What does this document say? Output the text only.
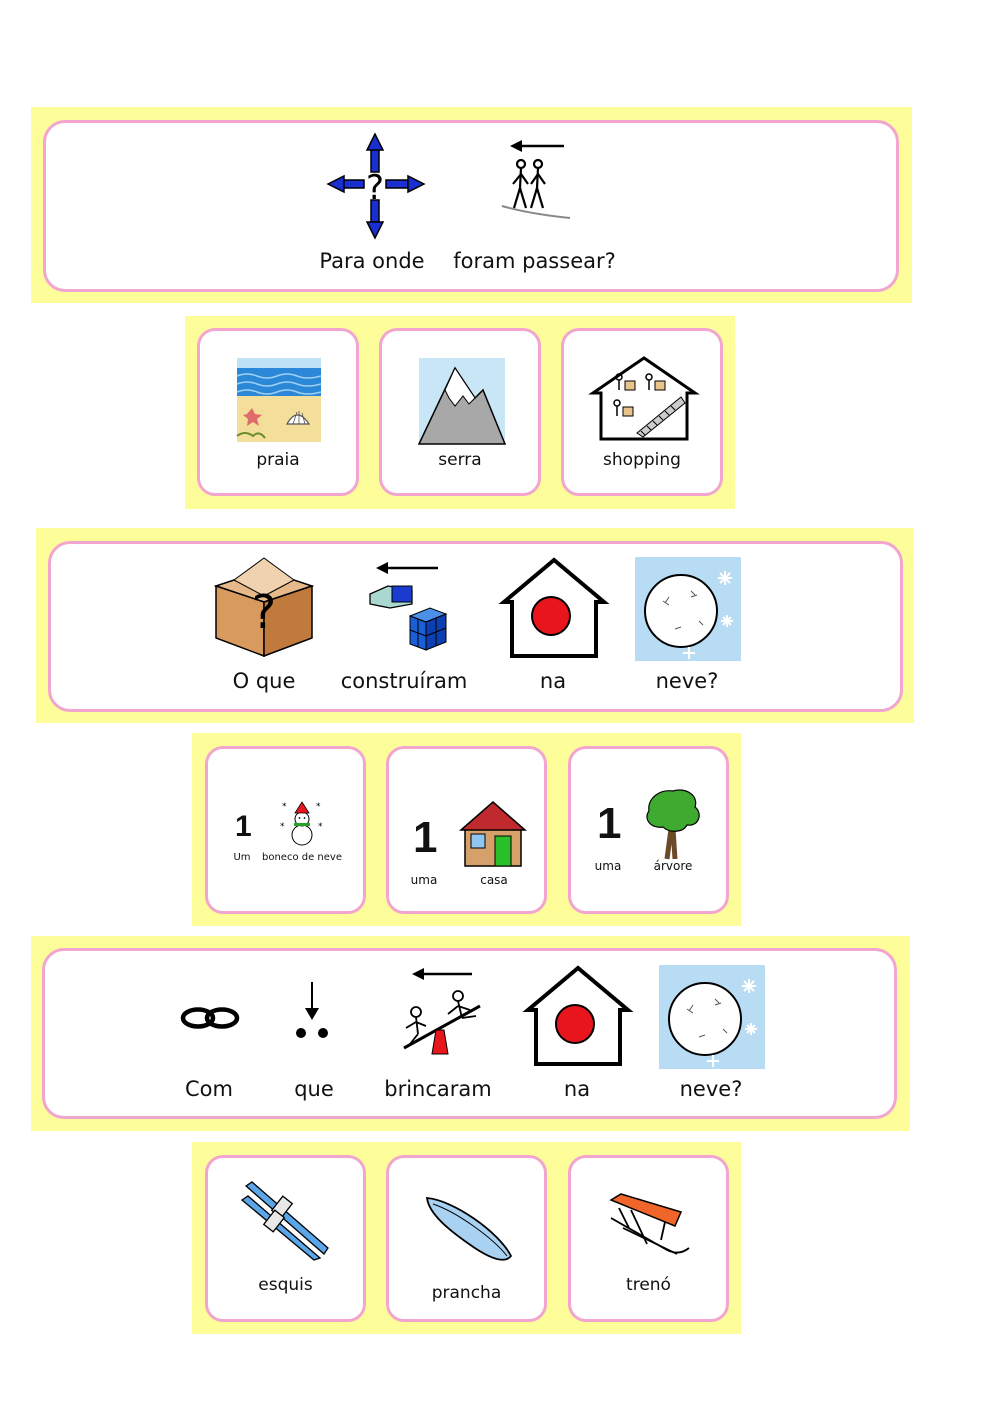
?
Para onde	foram passear?
praia	serra	shopping
?
O que	construíram	na	neve?
1
*	*
*	*
Um	boneco de neve 1
uma	casa
1
uma	árvore
Com	que	brincaram	na	neve?
esquis	prancha	trenó
